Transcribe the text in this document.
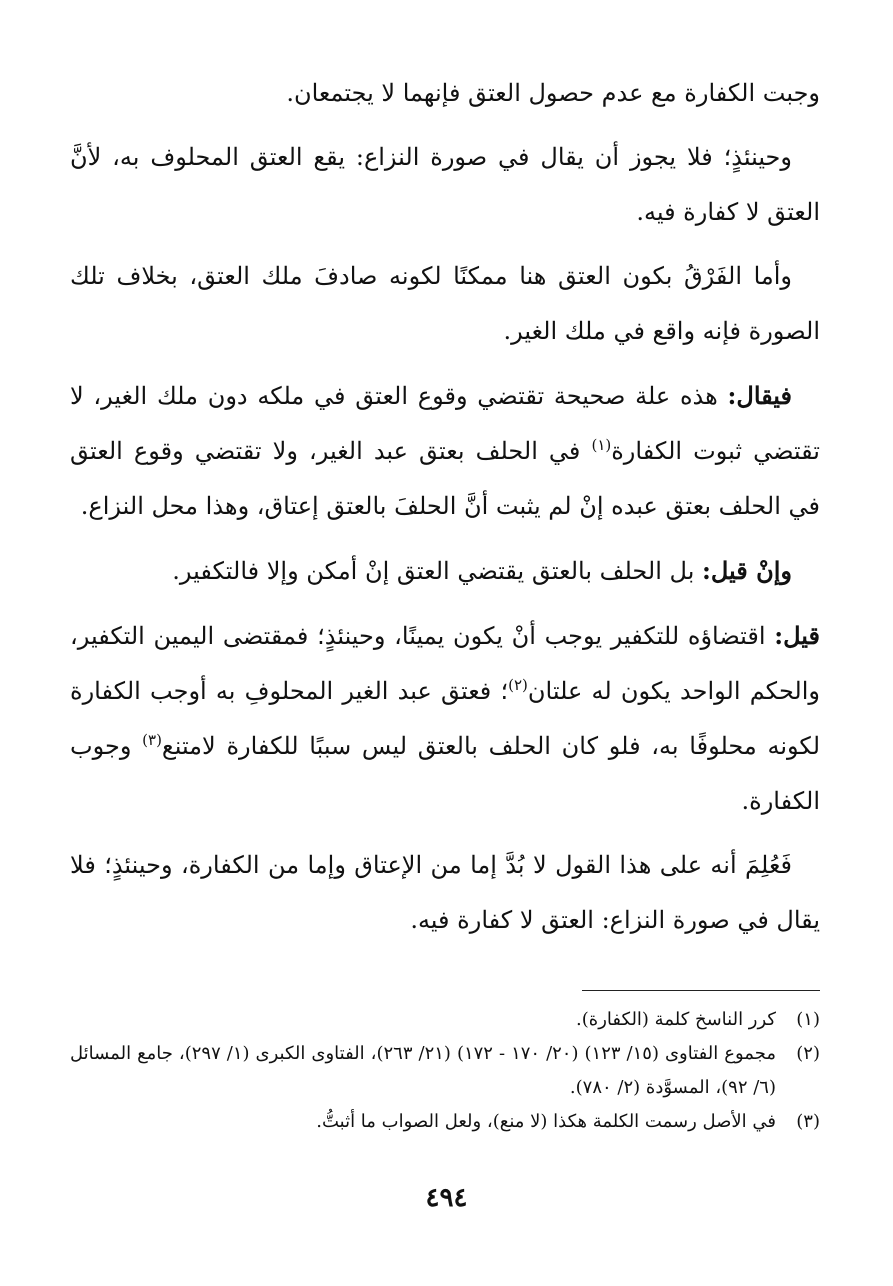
وجبت الكفارة مع عدم حصول العتق فإنهما لا يجتمعان.

وحينئذٍ؛ فلا يجوز أن يقال في صورة النزاع: يقع العتق المحلوف به، لأنَّ العتق لا كفارة فيه.

وأما الفَرْقُ بكون العتق هنا ممكنًا لكونه صادفَ ملك العتق، بخلاف تلك الصورة فإنه واقع في ملك الغير.

فيقال: هذه علة صحيحة تقتضي وقوع العتق في ملكه دون ملك الغير، لا تقتضي ثبوت الكفارة$^{(١)}$ في الحلف بعتق عبد الغير، ولا تقتضي وقوع العتق في الحلف بعتق عبده إنْ لم يثبت أنَّ الحلفَ بالعتق إعتاق، وهذا محل النزاع.

وإنْ قيل: بل الحلف بالعتق يقتضي العتق إنْ أمكن وإلا فالتكفير.

قيل: اقتضاؤه للتكفير يوجب أنْ يكون يمينًا، وحينئذٍ؛ فمقتضى اليمين التكفير، والحكم الواحد يكون له علتان$^{(٢)}$؛ فعتق عبد الغير المحلوفِ به أوجب الكفارة لكونه محلوفًا به، فلو كان الحلف بالعتق ليس سببًا للكفارة لامتنع$^{(٣)}$ وجوب الكفارة.

فَعُلِمَ أنه على هذا القول لا بُدَّ إما من الإعتاق وإما من الكفارة، وحينئذٍ؛ فلا يقال في صورة النزاع: العتق لا كفارة فيه.

(١)
كرر الناسخ كلمة (الكفارة).
(٢)
مجموع الفتاوى (١٥/ ١٢٣) (٢٠/ ١٧٠ - ١٧٢) (٢١/ ٢٦٣)، الفتاوى الكبرى (١/ ٢٩٧)، جامع المسائل (٦/ ٩٢)، المسوَّدة (٢/ ٧٨٠).
(٣)
في الأصل رسمت الكلمة هكذا (لا منع)، ولعل الصواب ما أثبتُّ.
٤٩٤
